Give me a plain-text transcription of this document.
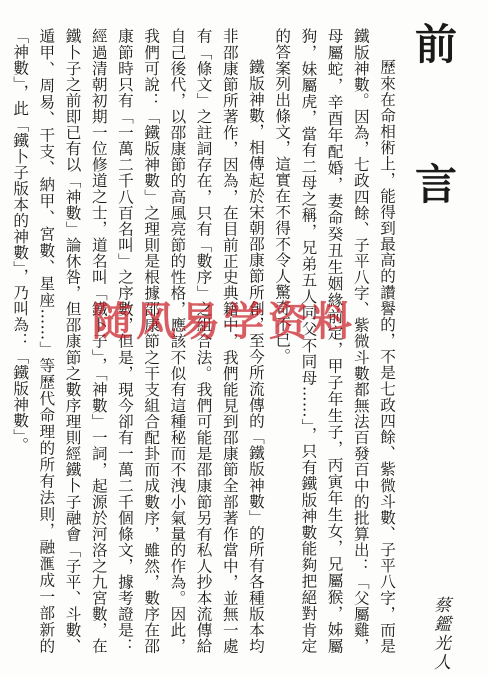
前　言

歷來在命相術上，能得到最高的讚譽的，不是七政四餘、紫微斗數、子平八字，而是鐵版神數。因為，七政四餘、子平八字、紫微斗數都無法百發百中的批算出：「父屬雞，母屬蛇，辛酉年配婚，妻命癸丑生姻緣前定，甲子年生子，丙寅年生女，兄屬猴，姊屬狗，妹屬虎，當有二母之稱，兄弟五人同父不同母……」，只有鐵版神數能夠把絕對肯定的答案列出條文，這實在不得不令人驚奇不已。

鐵版神數，相傳起於宋朝邵康節所創，至今所流傳的「鐵版神數」的所有各種版本均非邵康節所著作，因為，在目前正史典籍中，我們能見到邵康節全部著作當中，並無一處有「條文」之註詞存在，只有「數序」之組合法。我們可能是邵康節另有私人抄本流傳給自己後代，以邵康節的高風亮節的性格，應該不似有這種秘而不洩小氣量的作為。因此，我們可說：「鐵版神數」之理則是根據邵康節之干支組合配卦而成數序，雖然，數序在邵康節時只有「一萬二千八百名叫」之序數，但是，現今卻有一萬二千個條文，據考證是：經過清朝初期一位修道之士，道名叫「鐵卜子」，「神數」一詞，起源於河洛之九宮數，在鐵卜子之前即已有以「神數」論休咎，但邵康節之數序理則經鐵卜子融會「子平、斗數、遁甲、周易、干支、納甲、宮數、星座……」等歷代命理的所有法則，融滙成一部新的「神數」，此「鐵卜子版本的神數」，乃叫為：「鐵版神數」。

蔡鑑光人
随风易学资料
